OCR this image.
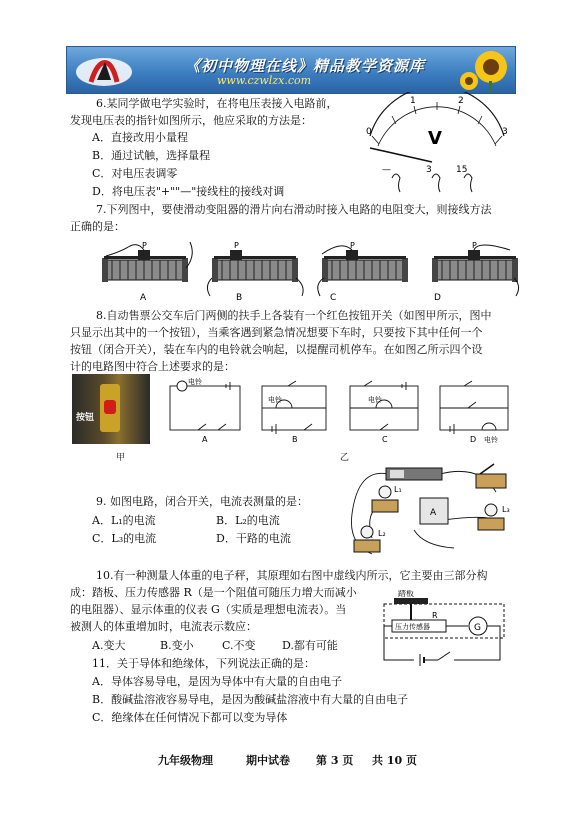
《初中物理在线》精品教学资源库
www.czwlzx.com
6.某同学做电学实验时，在将电压表接入电路前，
发现电压表的指针如图所示，他应采取的方法是：
A．直接改用小量程
B．通过试触，选择量程
C．对电压表调零
D．将电压表"+""—"接线柱的接线对调
0
1	2
3
V
—	3	15
7.下列图中，要使滑动变阻器的滑片向右滑动时接入电路的电阻变大，则接线方法
正确的是：
P	P	P	P
A	B	C	D
8.自动售票公交车后门两侧的扶手上各装有一个红色按钮开关（如图甲所示，图中
只显示出其中的一个按钮），当乘客遇到紧急情况想要下车时，只要按下其中任何一个
按钮（闭合开关），装在车内的电铃就会响起，以提醒司机停车。在如图乙所示四个设
计的电路图中符合上述要求的是：
按钮
电铃
A
电铃
B
电铃
C	电铃
D
甲	乙
9. 如图电路，闭合开关，电流表测量的是：
A．L₁的电流	B．L₂的电流
C．L₃的电流	D．干路的电流
A
L₁
L₂
L₃
10.有一种测量人体重的电子秤，其原理如右图中虚线内所示，它主要由三部分构
成：踏板、压力传感器 R（是一个阻值可随压力增大而减小
的电阻器）、显示体重的仪表 G（实质是理想电流表）。当
被测人的体重增加时，电流表示数应：
A.变大	B.变小	C.不变 D.都有可能
踏板
压力传感器
R
G
11．关于导体和绝缘体，下列说法正确的是：
A．导体容易导电，是因为导体中有大量的自由电子
B．酸碱盐溶液容易导电，是因为酸碱盐溶液中有大量的自由电子
C．绝缘体在任何情况下都可以变为导体
九年级物理	期中试卷 第 3 页 共 10 页
